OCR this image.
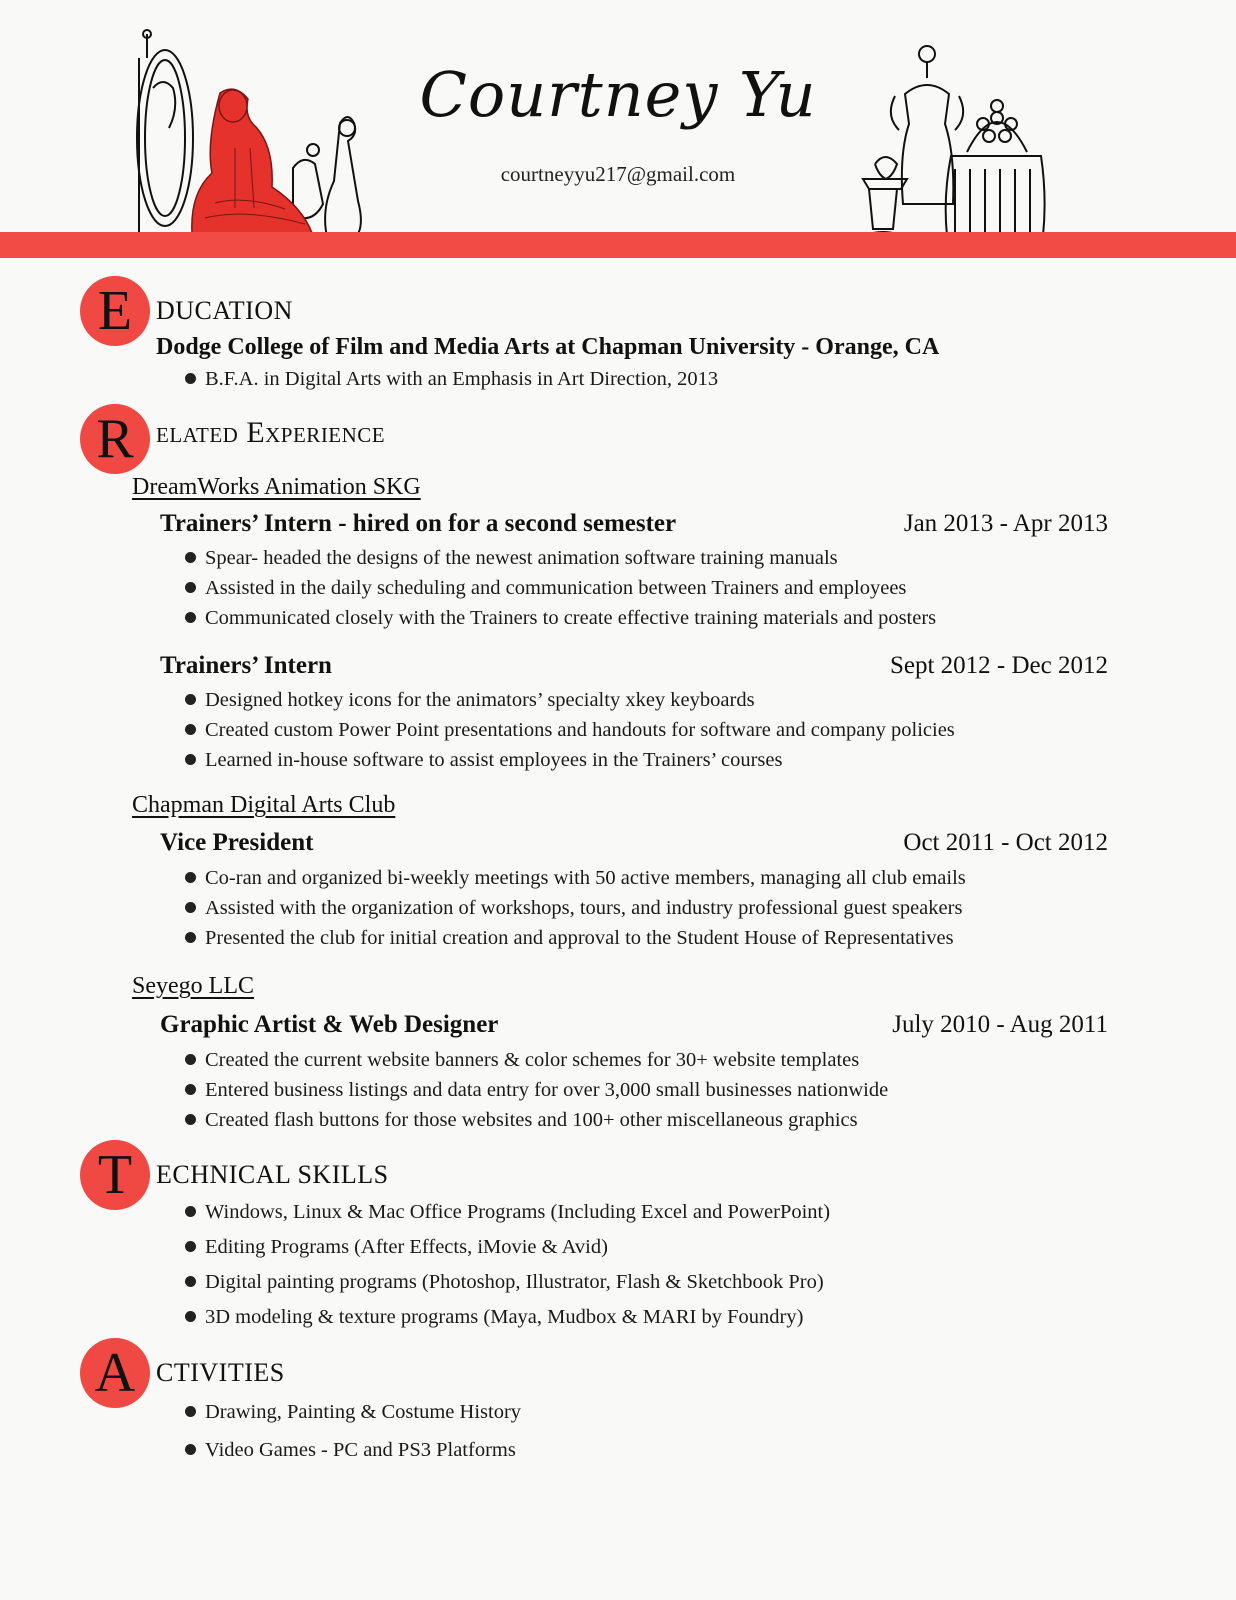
Courtney Yu
courtneyyu217@gmail.com
E DUCATION
Dodge College of Film and Media Arts at Chapman University - Orange, CA
B.F.A. in Digital Arts with an Emphasis in Art Direction, 2013
R elated Experience
DreamWorks Animation SKG
Trainers’ Intern - hired on for a second semester	Jan 2013 - Apr 2013
Spear- headed the designs of the newest animation software training manuals
Assisted in the daily scheduling and communication between Trainers and employees
Communicated closely with the Trainers to create effective training materials and posters
Trainers’ Intern	Sept 2012 - Dec 2012
Designed hotkey icons for the animators’ specialty xkey keyboards
Created custom Power Point presentations and handouts for software and company policies
Learned in-house software to assist employees in the Trainers’ courses
Chapman Digital Arts Club
Vice President	Oct 2011 - Oct 2012
Co-ran and organized bi-weekly meetings with 50 active members, managing all club emails
Assisted with the organization of workshops, tours, and industry professional guest speakers
Presented the club for initial creation and approval to the Student House of Representatives
Seyego LLC
Graphic Artist & Web Designer	July 2010 - Aug 2011
Created the current website banners & color schemes for 30+ website templates
Entered business listings and data entry for over 3,000 small businesses nationwide
Created flash buttons for those websites and 100+ other miscellaneous graphics
T ECHNICAL SKILLS
Windows, Linux & Mac Office Programs (Including Excel and PowerPoint)
Editing Programs (After Effects, iMovie & Avid)
Digital painting programs (Photoshop, Illustrator, Flash & Sketchbook Pro)
3D modeling & texture programs (Maya, Mudbox & MARI by Foundry)
A CTIVITIES
Drawing, Painting & Costume History
Video Games - PC and PS3 Platforms
